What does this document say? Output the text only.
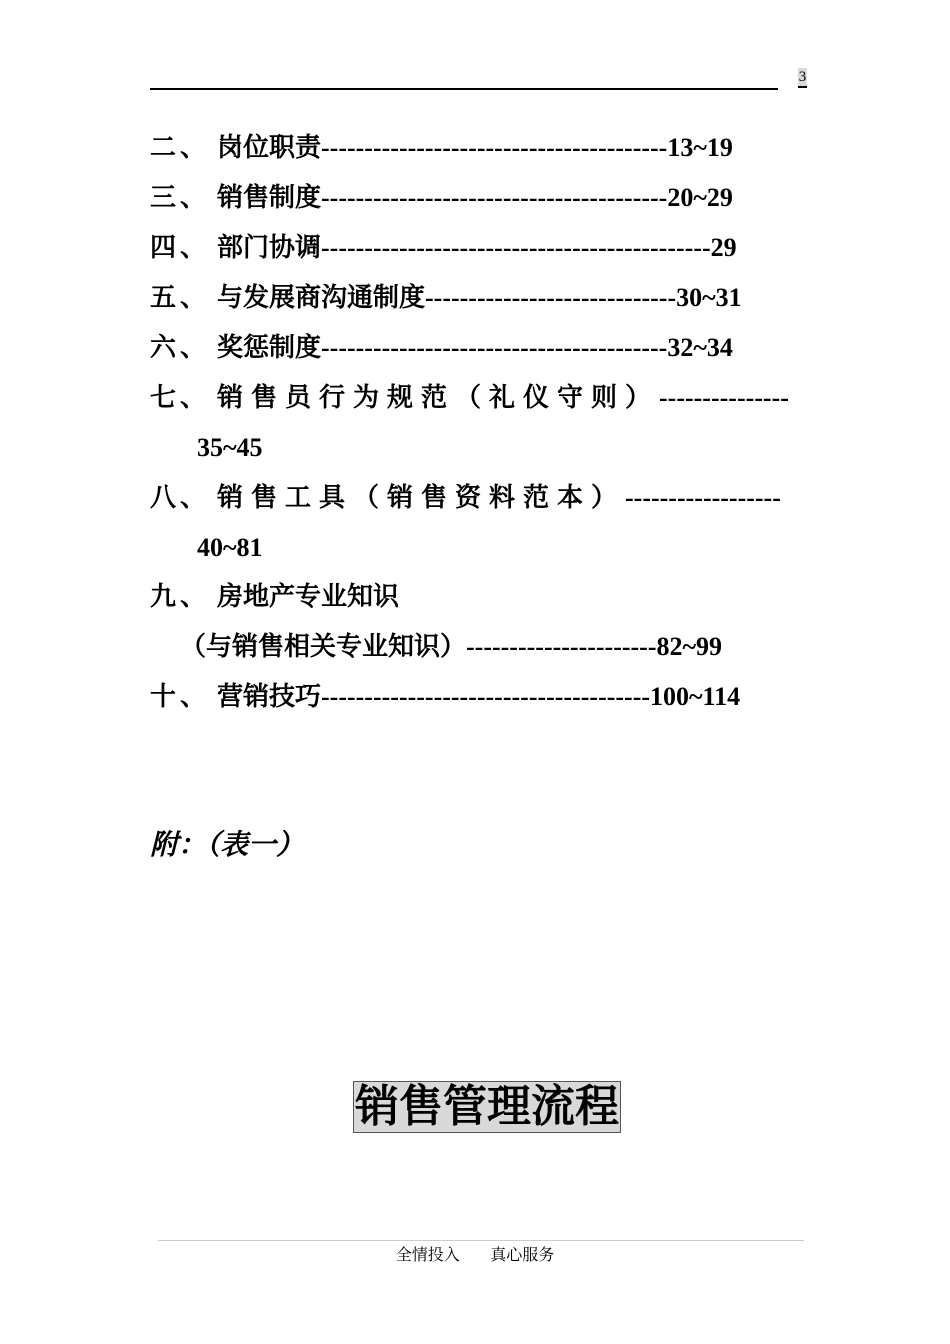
3
二、 岗位职责----------------------------------------13~19
三、 销售制度----------------------------------------20~29
四、 部门协调---------------------------------------------29
五、 与发展商沟通制度-----------------------------30~31
六、 奖惩制度----------------------------------------32~34
七、 销售员行为规范（礼仪守则）---------------
35~45
八、 销售工具（销售资料范本）------------------
40~81
九、 房地产专业知识
（与销售相关专业知识）----------------------82~99
十、 营销技巧--------------------------------------100~114
附：（表一）
销售管理流程
全情投入      真心服务
